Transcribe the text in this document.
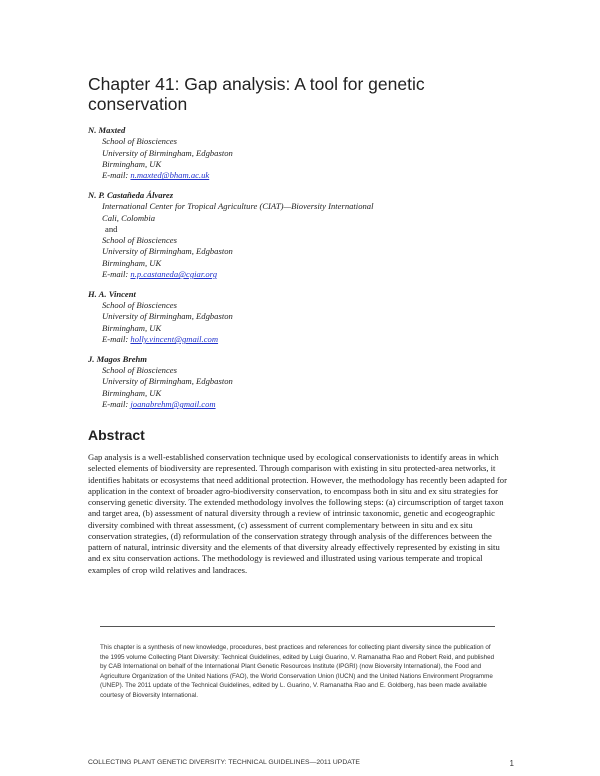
Chapter 41: Gap analysis: A tool for genetic conservation
N. Maxted
School of Biosciences
University of Birmingham, Edgbaston
Birmingham, UK
E-mail: n.maxted@bham.ac.uk
N. P. Castañeda Álvarez
International Center for Tropical Agriculture (CIAT)—Bioversity International
Cali, Colombia
and
School of Biosciences
University of Birmingham, Edgbaston
Birmingham, UK
E-mail: n.p.castaneda@cgiar.org
H. A. Vincent
School of Biosciences
University of Birmingham, Edgbaston
Birmingham, UK
E-mail: holly.vincent@gmail.com
J. Magos Brehm
School of Biosciences
University of Birmingham, Edgbaston
Birmingham, UK
E-mail: joanabrehm@gmail.com
Abstract
Gap analysis is a well-established conservation technique used by ecological conservationists to identify areas in which selected elements of biodiversity are represented. Through comparison with existing in situ protected-area networks, it identifies habitats or ecosystems that need additional protection. However, the methodology has recently been adapted for application in the context of broader agro-biodiversity conservation, to encompass both in situ and ex situ strategies for conserving genetic diversity. The extended methodology involves the following steps: (a) circumscription of target taxon and target area, (b) assessment of natural diversity through a review of intrinsic taxonomic, genetic and ecogeographic diversity combined with threat assessment, (c) assessment of current complementary between in situ and ex situ conservation strategies, (d) reformulation of the conservation strategy through analysis of the differences between the pattern of natural, intrinsic diversity and the elements of that diversity already effectively represented by existing in situ and ex situ conservation actions. The methodology is reviewed and illustrated using various temperate and tropical examples of crop wild relatives and landraces.
This chapter is a synthesis of new knowledge, procedures, best practices and references for collecting plant diversity since the publication of the 1995 volume Collecting Plant Diversity: Technical Guidelines, edited by Luigi Guarino, V. Ramanatha Rao and Robert Reid, and published by CAB International on behalf of the International Plant Genetic Resources Institute (IPGRI) (now Bioversity International), the Food and Agriculture Organization of the United Nations (FAO), the World Conservation Union (IUCN) and the United Nations Environment Programme (UNEP). The 2011 update of the Technical Guidelines, edited by L. Guarino, V. Ramanatha Rao and E. Goldberg, has been made available courtesy of Bioversity International.
COLLECTING PLANT GENETIC DIVERSITY: TECHNICAL GUIDELINES—2011 UPDATE	1
